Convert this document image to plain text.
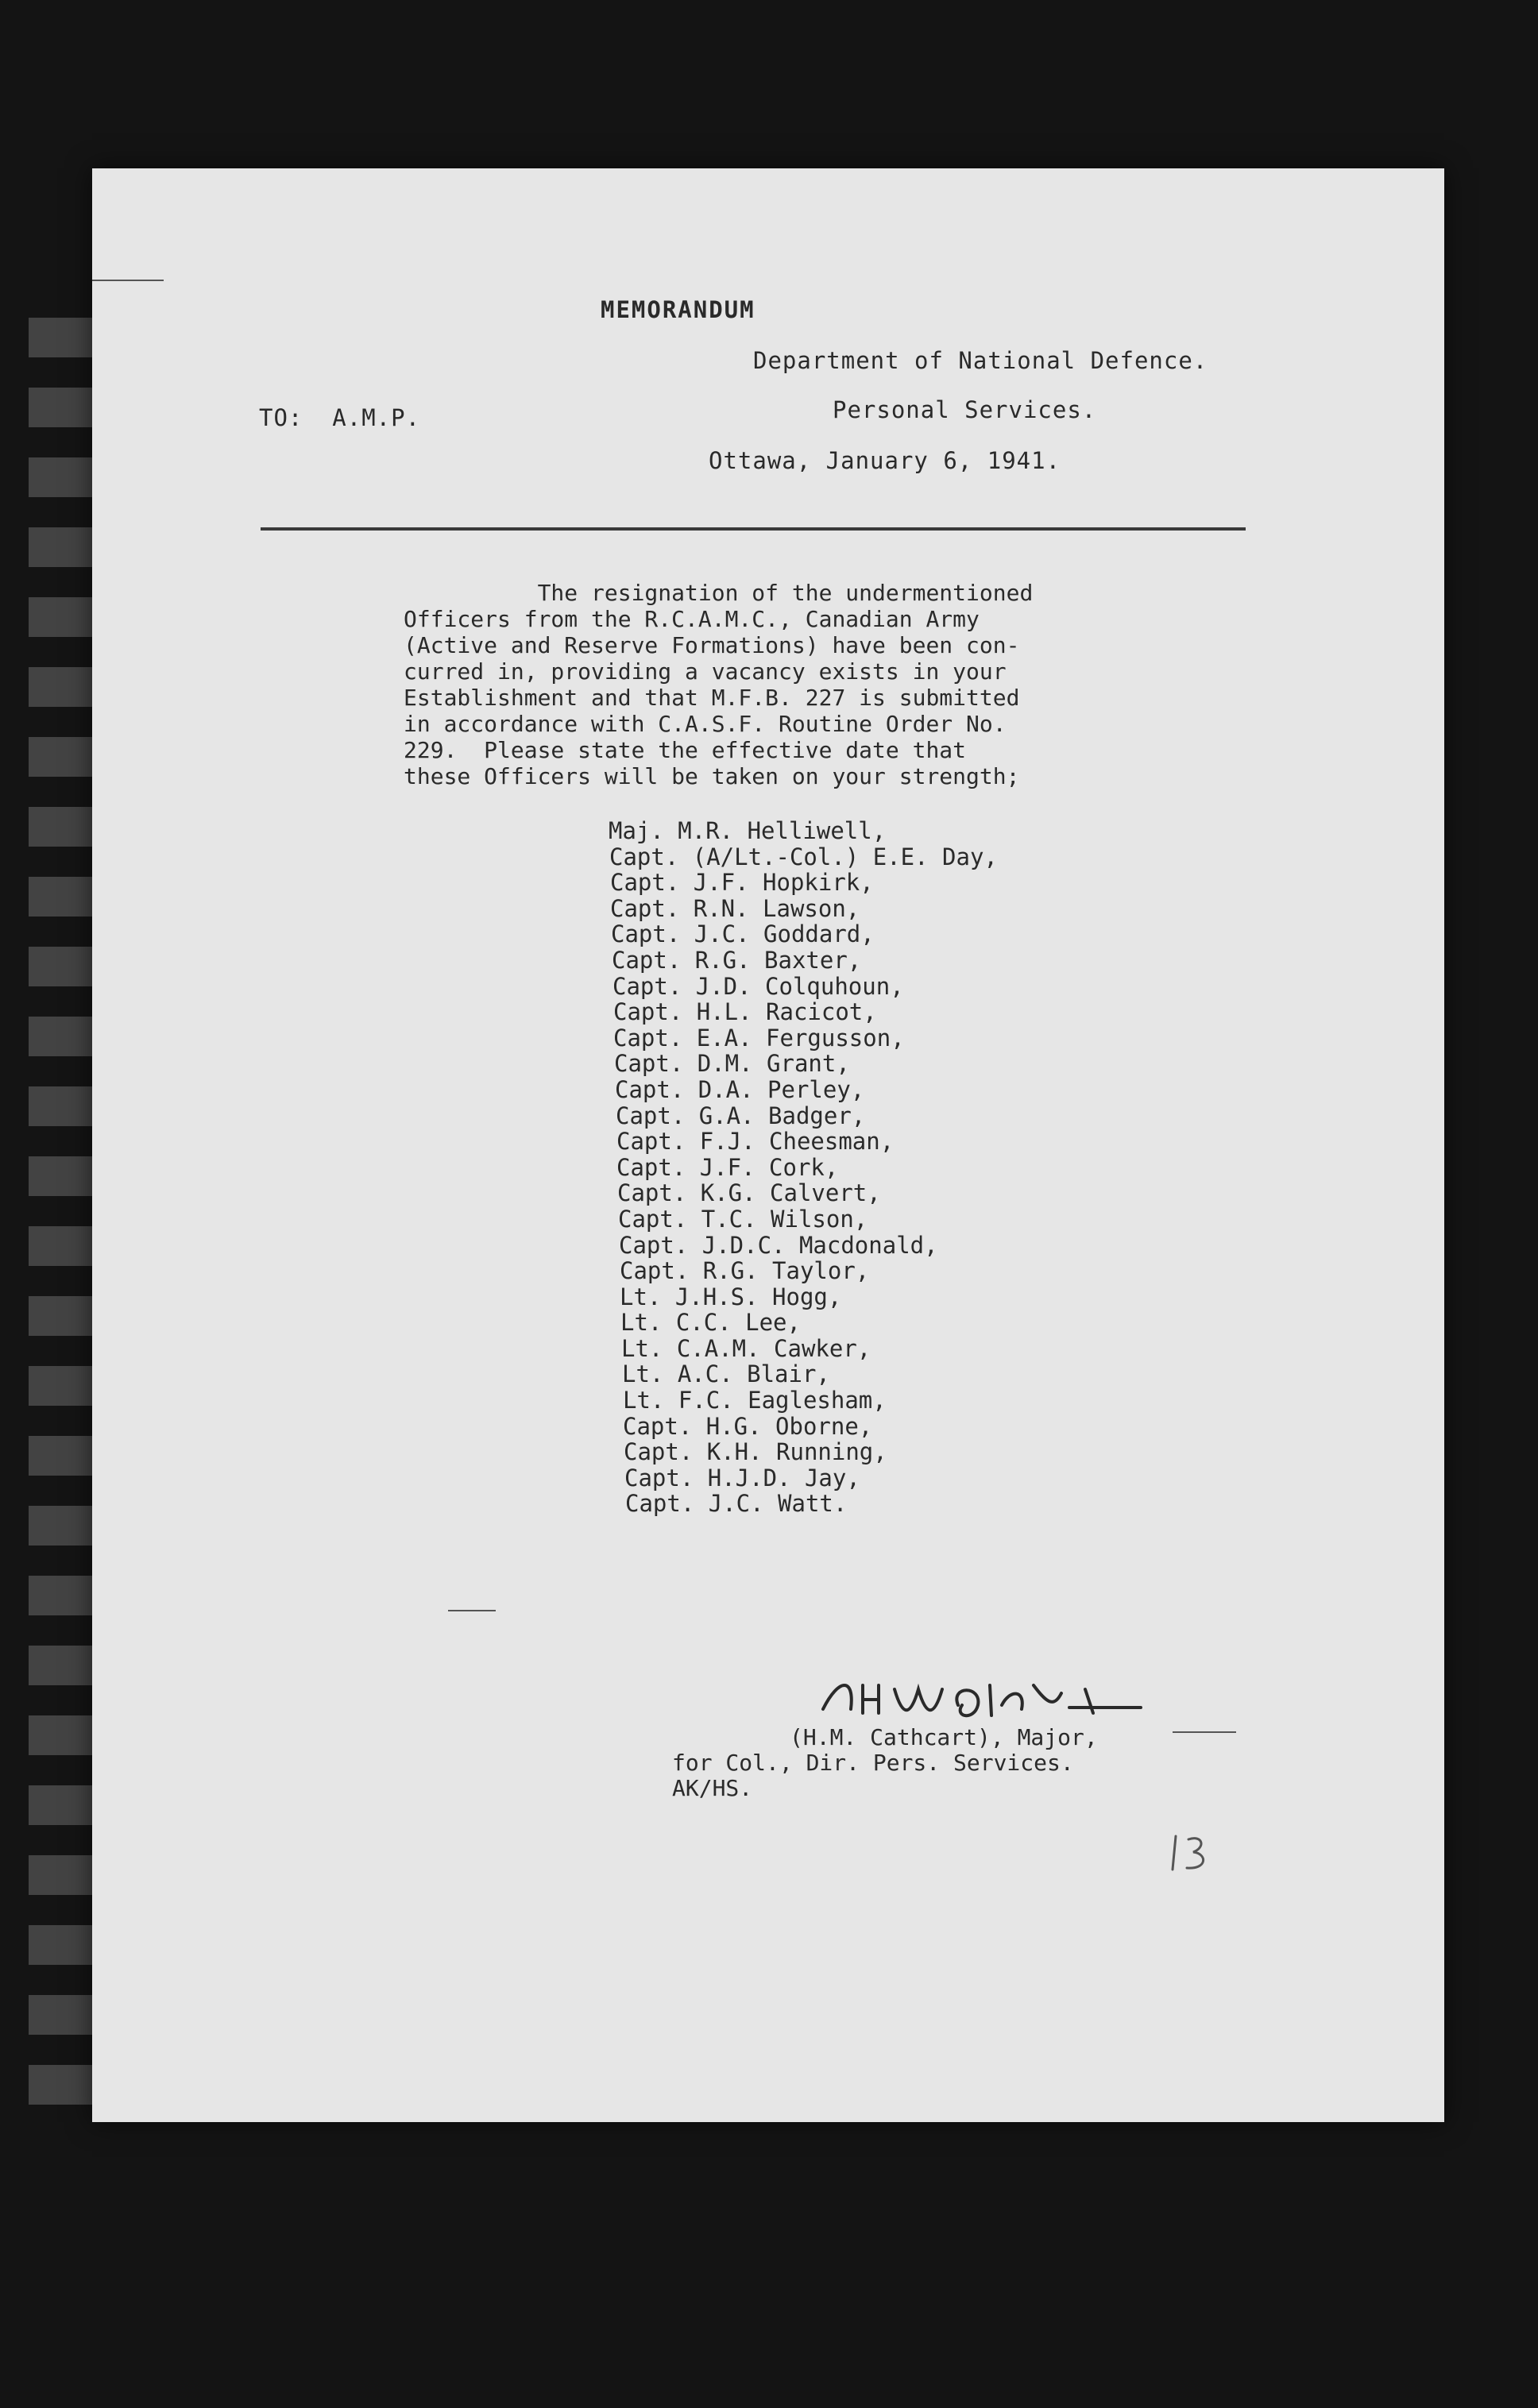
MEMORANDUM
Department of National Defence.
TO:  A.M.P.	Personal Services.
Ottawa, January 6, 1941.
The resignation of the undermentioned
Officers from the R.C.A.M.C., Canadian Army
(Active and Reserve Formations) have been con-
curred in, providing a vacancy exists in your
Establishment and that M.F.B. 227 is submitted
in accordance with C.A.S.F. Routine Order No.
229.  Please state the effective date that
these Officers will be taken on your strength;
Maj. M.R. Helliwell,
Capt. (A/Lt.-Col.) E.E. Day,
Capt. J.F. Hopkirk,
Capt. R.N. Lawson,
Capt. J.C. Goddard,
Capt. R.G. Baxter,
Capt. J.D. Colquhoun,
Capt. H.L. Racicot,
Capt. E.A. Fergusson,
Capt. D.M. Grant,
Capt. D.A. Perley,
Capt. G.A. Badger,
Capt. F.J. Cheesman,
Capt. J.F. Cork,
Capt. K.G. Calvert,
Capt. T.C. Wilson,
Capt. J.D.C. Macdonald,
Capt. R.G. Taylor,
Lt. J.H.S. Hogg,
Lt. C.C. Lee,
Lt. C.A.M. Cawker,
Lt. A.C. Blair,
Lt. F.C. Eaglesham,
Capt. H.G. Oborne,
Capt. K.H. Running,
Capt. H.J.D. Jay,
Capt. J.C. Watt.
(H.M. Cathcart), Major,
for Col., Dir. Pers. Services.
AK/HS.
